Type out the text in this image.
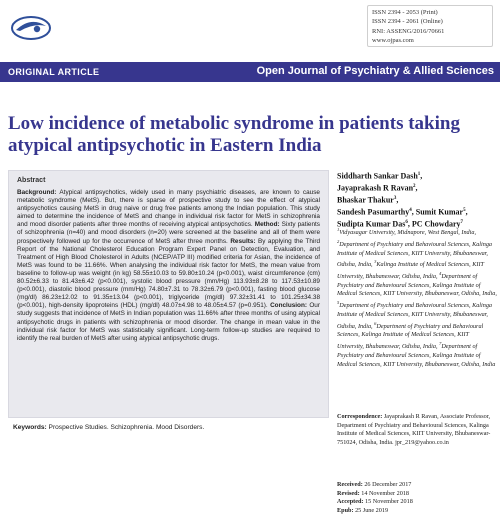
ISSN 2394 - 2053 (Print)
ISSN 2394 - 2061 (Online)
RNI: ASSENG/2016/70661
www.ojpas.com
ORIGINAL ARTICLE	Open Journal of Psychiatry & Allied Sciences
Low incidence of metabolic syndrome in patients taking atypical antipsychotic in Eastern India
Abstract

Background: Atypical antipsychotics, widely used in many psychiatric diseases, are known to cause metabolic syndrome (MetS). But, there is sparse of prospective study to see the effect of atypical antipsychotics causing MetS in drug naive or drug free patients among the Indian population. This study aimed to determine the incidence of MetS and change in individual risk factor for MetS in schizophrenia and mood disorder patients after three months of receiving atypical antipsychotics. Method: Sixty patients of schizophrenia (n=40) and mood disorders (n=20) were screened at the baseline and all of them were prospectively followed up for the occurrence of MetS after three months. Results: By applying the Third Report of the National Cholesterol Education Program Expert Panel on Detection, Evaluation, and Treatment of High Blood Cholesterol in Adults (NCEP/ATP III) modified criteria for Asian, the incidence of MetS was found to be 11.66%. When analysing the individual risk factor for MetS, the mean value from baseline to follow-up was weight (in kg) 58.55±10.03 to 59.80±10.24 (p<0.001), waist circumference (cm) 80.52±6.33 to 81.43±6.42 (p<0.001), systolic blood pressure (mm/Hg) 113.93±8.28 to 117.53±10.89 (p<0.001), diastolic blood pressure (mm/Hg) 74.80±7.31 to 78.32±6.79 (p<0.001), fasting blood glucose (mg/dl) 86.23±12.02 to 91.35±13.04 (p<0.001), triglyceride (mg/dl) 97.32±31.41 to 101.25±34.38 (p<0.001), high-density lipoproteins (HDL) (mg/dl) 48.07±4.98 to 48.05±4.57 (p=0.951). Conclusion: Our study suggests that incidence of MetS in Indian population was 11.66% after three months of using atypical antipsychotic drugs in patients with schizophrenia or mood disorder. The change in mean value in the individual risk factor for MetS was statistically significant. Long-term follow-up studies are required to identify the real burden of MetS after using atypical antipsychotic drugs.

Keywords: Prospective Studies. Schizophrenia. Mood Disorders.
Siddharth Sankar Dash$^1$,
Jayaprakash R Ravan$^2$,
Bhaskar Thakur$^3$,
Sandesh Pasumarthy$^4$, Sumit Kumar$^5$,
Sudipta Kumar Das$^6$, PC Chowdary$^7$
$^1$Vidyasagar University, Midnapore, West Bengal, India, $^2$Department of Psychiatry and Behavioural Sciences, Kalinga Institute of Medical Sciences, KIIT University, Bhubaneswar, Odisha, India, $^3$Kalinga Institute of Medical Sciences, KIIT University, Bhubaneswar, Odisha, India, $^4$Department of Psychiatry and Behavioural Sciences, Kalinga Institute of Medical Sciences, KIIT University, Bhubaneswar, Odisha, India, $^5$Department of Psychiatry and Behavioural Sciences, Kalinga Institute of Medical Sciences, KIIT University, Bhubaneswar, Odisha, India, $^6$Department of Psychiatry and Behavioural Sciences, Kalinga Institute of Medical Sciences, KIIT University, Bhubaneswar, Odisha, India, $^7$Department of Psychiatry and Behavioural Sciences, Kalinga Institute of Medical Sciences, KIIT University, Bhubaneswar, Odisha, India
Correspondence: Jayaprakash R Ravan, Associate Professor, Department of Psychiatry and Behavioural Sciences, Kalinga Institute of Medical Sciences, KIIT University, Bhubaneswar-751024, Odisha, India. jpr_219@yahoo.co.in
Received: 26 December 2017
Revised: 14 November 2018
Accepted: 15 November 2018
Epub: 25 June 2019
